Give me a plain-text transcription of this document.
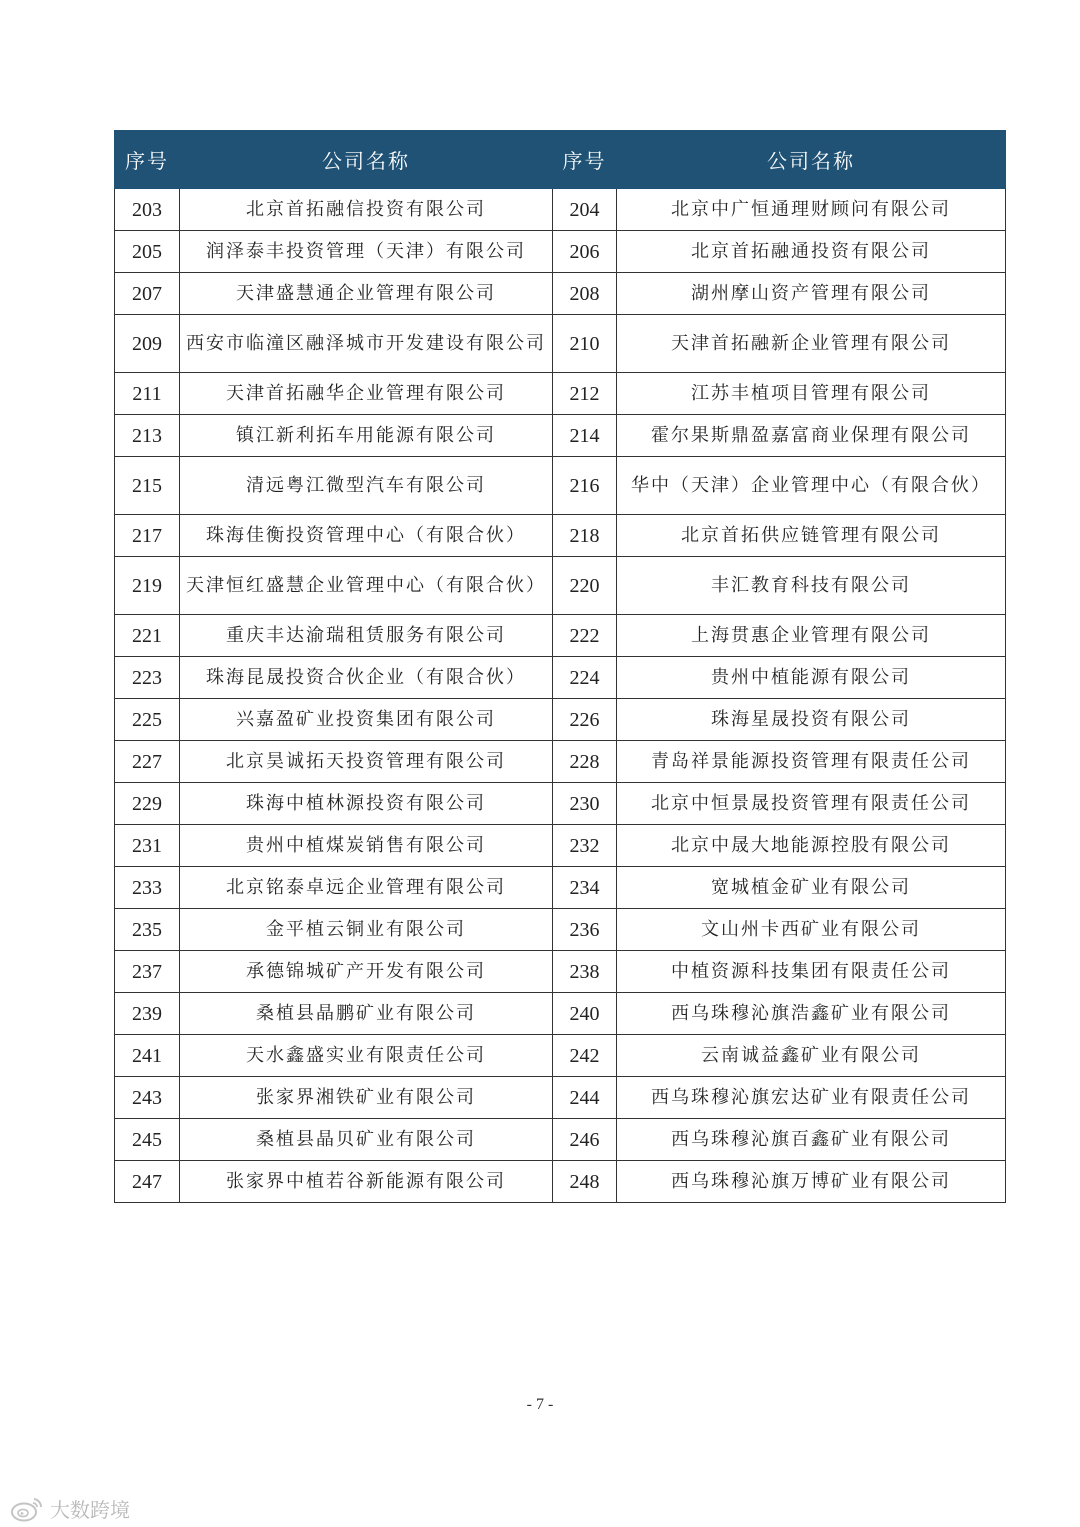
序号	公司名称	序号	公司名称
203	北京首拓融信投资有限公司	204	北京中广恒通理财顾问有限公司
205	润泽泰丰投资管理（天津）有限公司	206	北京首拓融通投资有限公司
207	天津盛慧通企业管理有限公司	208	湖州摩山资产管理有限公司
209	西安市临潼区融泽城市开发建设有限公司	210	天津首拓融新企业管理有限公司
211	天津首拓融华企业管理有限公司	212	江苏丰植项目管理有限公司
213	镇江新利拓车用能源有限公司	214	霍尔果斯鼎盈嘉富商业保理有限公司
215	清远粤江微型汽车有限公司	216	华中（天津）企业管理中心（有限合伙）
217	珠海佳衡投资管理中心（有限合伙）	218	北京首拓供应链管理有限公司
219	天津恒红盛慧企业管理中心（有限合伙）	220	丰汇教育科技有限公司
221	重庆丰达渝瑞租赁服务有限公司	222	上海贯惠企业管理有限公司
223	珠海昆晟投资合伙企业（有限合伙）	224	贵州中植能源有限公司
225	兴嘉盈矿业投资集团有限公司	226	珠海星晟投资有限公司
227	北京昊诚拓天投资管理有限公司	228	青岛祥景能源投资管理有限责任公司
229	珠海中植林源投资有限公司	230	北京中恒景晟投资管理有限责任公司
231	贵州中植煤炭销售有限公司	232	北京中晟大地能源控股有限公司
233	北京铭泰卓远企业管理有限公司	234	宽城植金矿业有限公司
235	金平植云铜业有限公司	236	文山州卡西矿业有限公司
237	承德锦城矿产开发有限公司	238	中植资源科技集团有限责任公司
239	桑植县晶鹏矿业有限公司	240	西乌珠穆沁旗浩鑫矿业有限公司
241	天水鑫盛实业有限责任公司	242	云南诚益鑫矿业有限公司
243	张家界湘铁矿业有限公司	244	西乌珠穆沁旗宏达矿业有限责任公司
245	桑植县晶贝矿业有限公司	246	西乌珠穆沁旗百鑫矿业有限公司
247	张家界中植若谷新能源有限公司	248	西乌珠穆沁旗万博矿业有限公司
- 7 -
大数跨境
